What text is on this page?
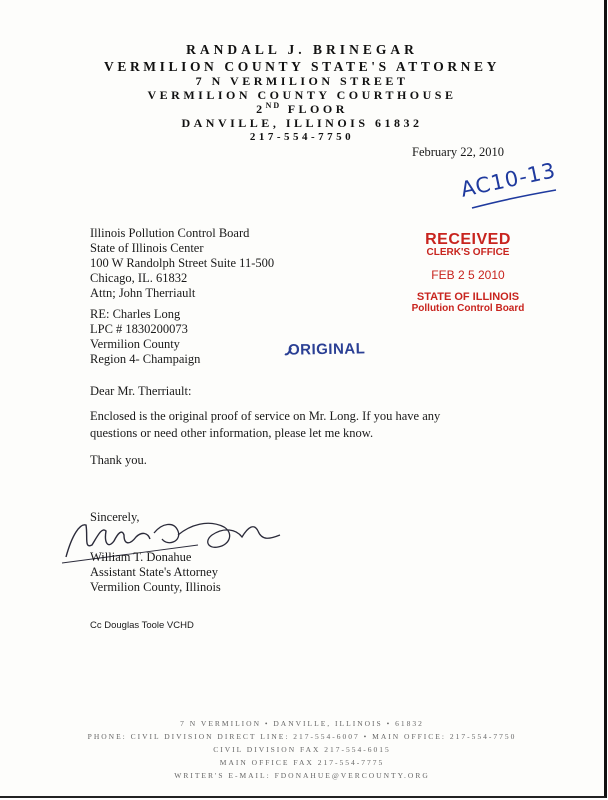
RANDALL J. BRINEGAR
VERMILION COUNTY STATE'S ATTORNEY
7 N VERMILION STREET
VERMILION COUNTY COURTHOUSE
2ND FLOOR
DANVILLE, ILLINOIS 61832
217-554-7750
February 22, 2010
AC10-13
Illinois Pollution Control Board
State of Illinois Center
100 W Randolph Street Suite 11-500
Chicago, IL. 61832
Attn; John Therriault
RECEIVED
CLERK'S OFFICE
FEB 2 5 2010
STATE OF ILLINOIS
Pollution Control Board
RE: Charles Long
LPC # 1830200073
Vermilion County
Region 4- Champaign
ORIGINAL
Dear Mr. Therriault:
Enclosed is the original proof of service on Mr. Long. If you have any
questions or need other information, please let me know.
Thank you.
Sincerely,
William T. Donahue
Assistant State's Attorney
Vermilion County, Illinois
Cc Douglas Toole VCHD
7 N VERMILION • DANVILLE, ILLINOIS • 61832
PHONE: CIVIL DIVISION DIRECT LINE: 217-554-6007 • MAIN OFFICE: 217-554-7750
CIVIL DIVISION FAX 217-554-6015
MAIN OFFICE FAX 217-554-7775
WRITER'S E-MAIL: FDONAHUE@VERCOUNTY.ORG
